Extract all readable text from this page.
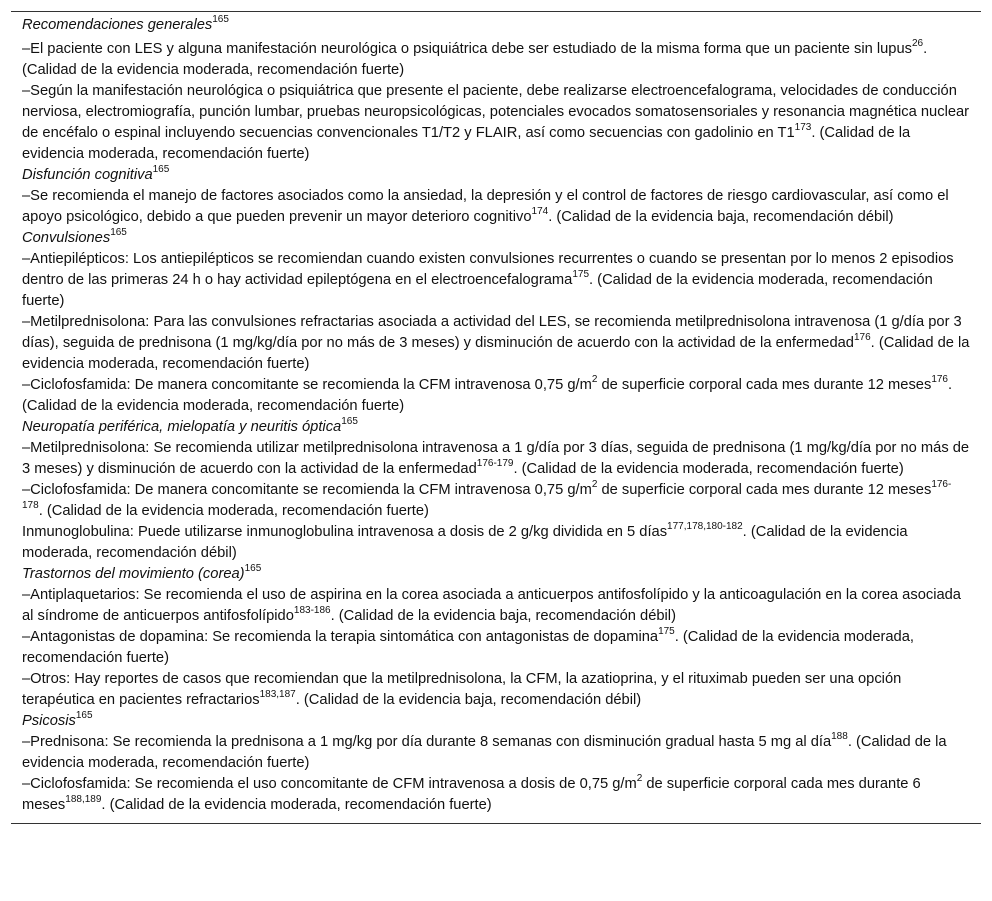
Recomendaciones generales$^{165}$

–El paciente con LES y alguna manifestación neurológica o psiquiátrica debe ser estudiado de la misma forma que un paciente sin lupus$^{26}$. (Calidad de la evidencia moderada, recomendación fuerte)

–Según la manifestación neurológica o psiquiátrica que presente el paciente, debe realizarse electroencefalograma, velocidades de conducción nerviosa, electromiografía, punción lumbar, pruebas neuropsicológicas, potenciales evocados somatosensoriales y resonancia magnética nuclear de encéfalo o espinal incluyendo secuencias convencionales T1/T2 y FLAIR, así como secuencias con gadolinio en $T1^{173}$. (Calidad de la evidencia moderada, recomendación fuerte)

Disfunción cognitiva$^{165}$

–Se recomienda el manejo de factores asociados como la ansiedad, la depresión y el control de factores de riesgo cardiovascular, así como el apoyo psicológico, debido a que pueden prevenir un mayor deterioro cognitivo$^{174}$. (Calidad de la evidencia baja, recomendación débil)

Convulsiones$^{165}$

–Antiepilépticos: Los antiepilépticos se recomiendan cuando existen convulsiones recurrentes o cuando se presentan por lo menos 2 episodios dentro de las primeras 24 h o hay actividad epileptógena en el electroencefalograma$^{175}$. (Calidad de la evidencia moderada, recomendación fuerte)

–Metilprednisolona: Para las convulsiones refractarias asociada a actividad del LES, se recomienda metilprednisolona intravenosa (1 g/día por 3 días), seguida de prednisona (1 mg/kg/día por no más de 3 meses) y disminución de acuerdo con la actividad de la enfermedad$^{176}$. (Calidad de la evidencia moderada, recomendación fuerte)

–Ciclofosfamida: De manera concomitante se recomienda la CFM intravenosa 0,75 $g/m^2$ de superficie corporal cada mes durante 12 meses$^{176}$. (Calidad de la evidencia moderada, recomendación fuerte)

Neuropatía periférica, mielopatía y neuritis óptica$^{165}$

–Metilprednisolona: Se recomienda utilizar metilprednisolona intravenosa a 1 g/día por 3 días, seguida de prednisona (1 mg/kg/día por no más de 3 meses) y disminución de acuerdo con la actividad de la enfermedad$^{176-179}$. (Calidad de la evidencia moderada, recomendación fuerte)

–Ciclofosfamida: De manera concomitante se recomienda la CFM intravenosa 0,75 $g/m^2$ de superficie corporal cada mes durante 12 meses$^{176-178}$. (Calidad de la evidencia moderada, recomendación fuerte)

Inmunoglobulina: Puede utilizarse inmunoglobulina intravenosa a dosis de 2 g/kg dividida en 5 días$^{177,178,180-182}$. (Calidad de la evidencia moderada, recomendación débil)

Trastornos del movimiento (corea)$^{165}$

–Antiplaquetarios: Se recomienda el uso de aspirina en la corea asociada a anticuerpos antifosfolípido y la anticoagulación en la corea asociada al síndrome de anticuerpos antifosfolípido$^{183-186}$. (Calidad de la evidencia baja, recomendación débil)

–Antagonistas de dopamina: Se recomienda la terapia sintomática con antagonistas de dopamina$^{175}$. (Calidad de la evidencia moderada, recomendación fuerte)

–Otros: Hay reportes de casos que recomiendan que la metilprednisolona, la CFM, la azatioprina, y el rituximab pueden ser una opción terapéutica en pacientes refractarios$^{183,187}$. (Calidad de la evidencia baja, recomendación débil)

Psicosis$^{165}$

–Prednisona: Se recomienda la prednisona a 1 mg/kg por día durante 8 semanas con disminución gradual hasta 5 mg al día$^{188}$. (Calidad de la evidencia moderada, recomendación fuerte)

–Ciclofosfamida: Se recomienda el uso concomitante de CFM intravenosa a dosis de 0,75 $g/m^2$ de superficie corporal cada mes durante 6 meses$^{188,189}$. (Calidad de la evidencia moderada, recomendación fuerte)
